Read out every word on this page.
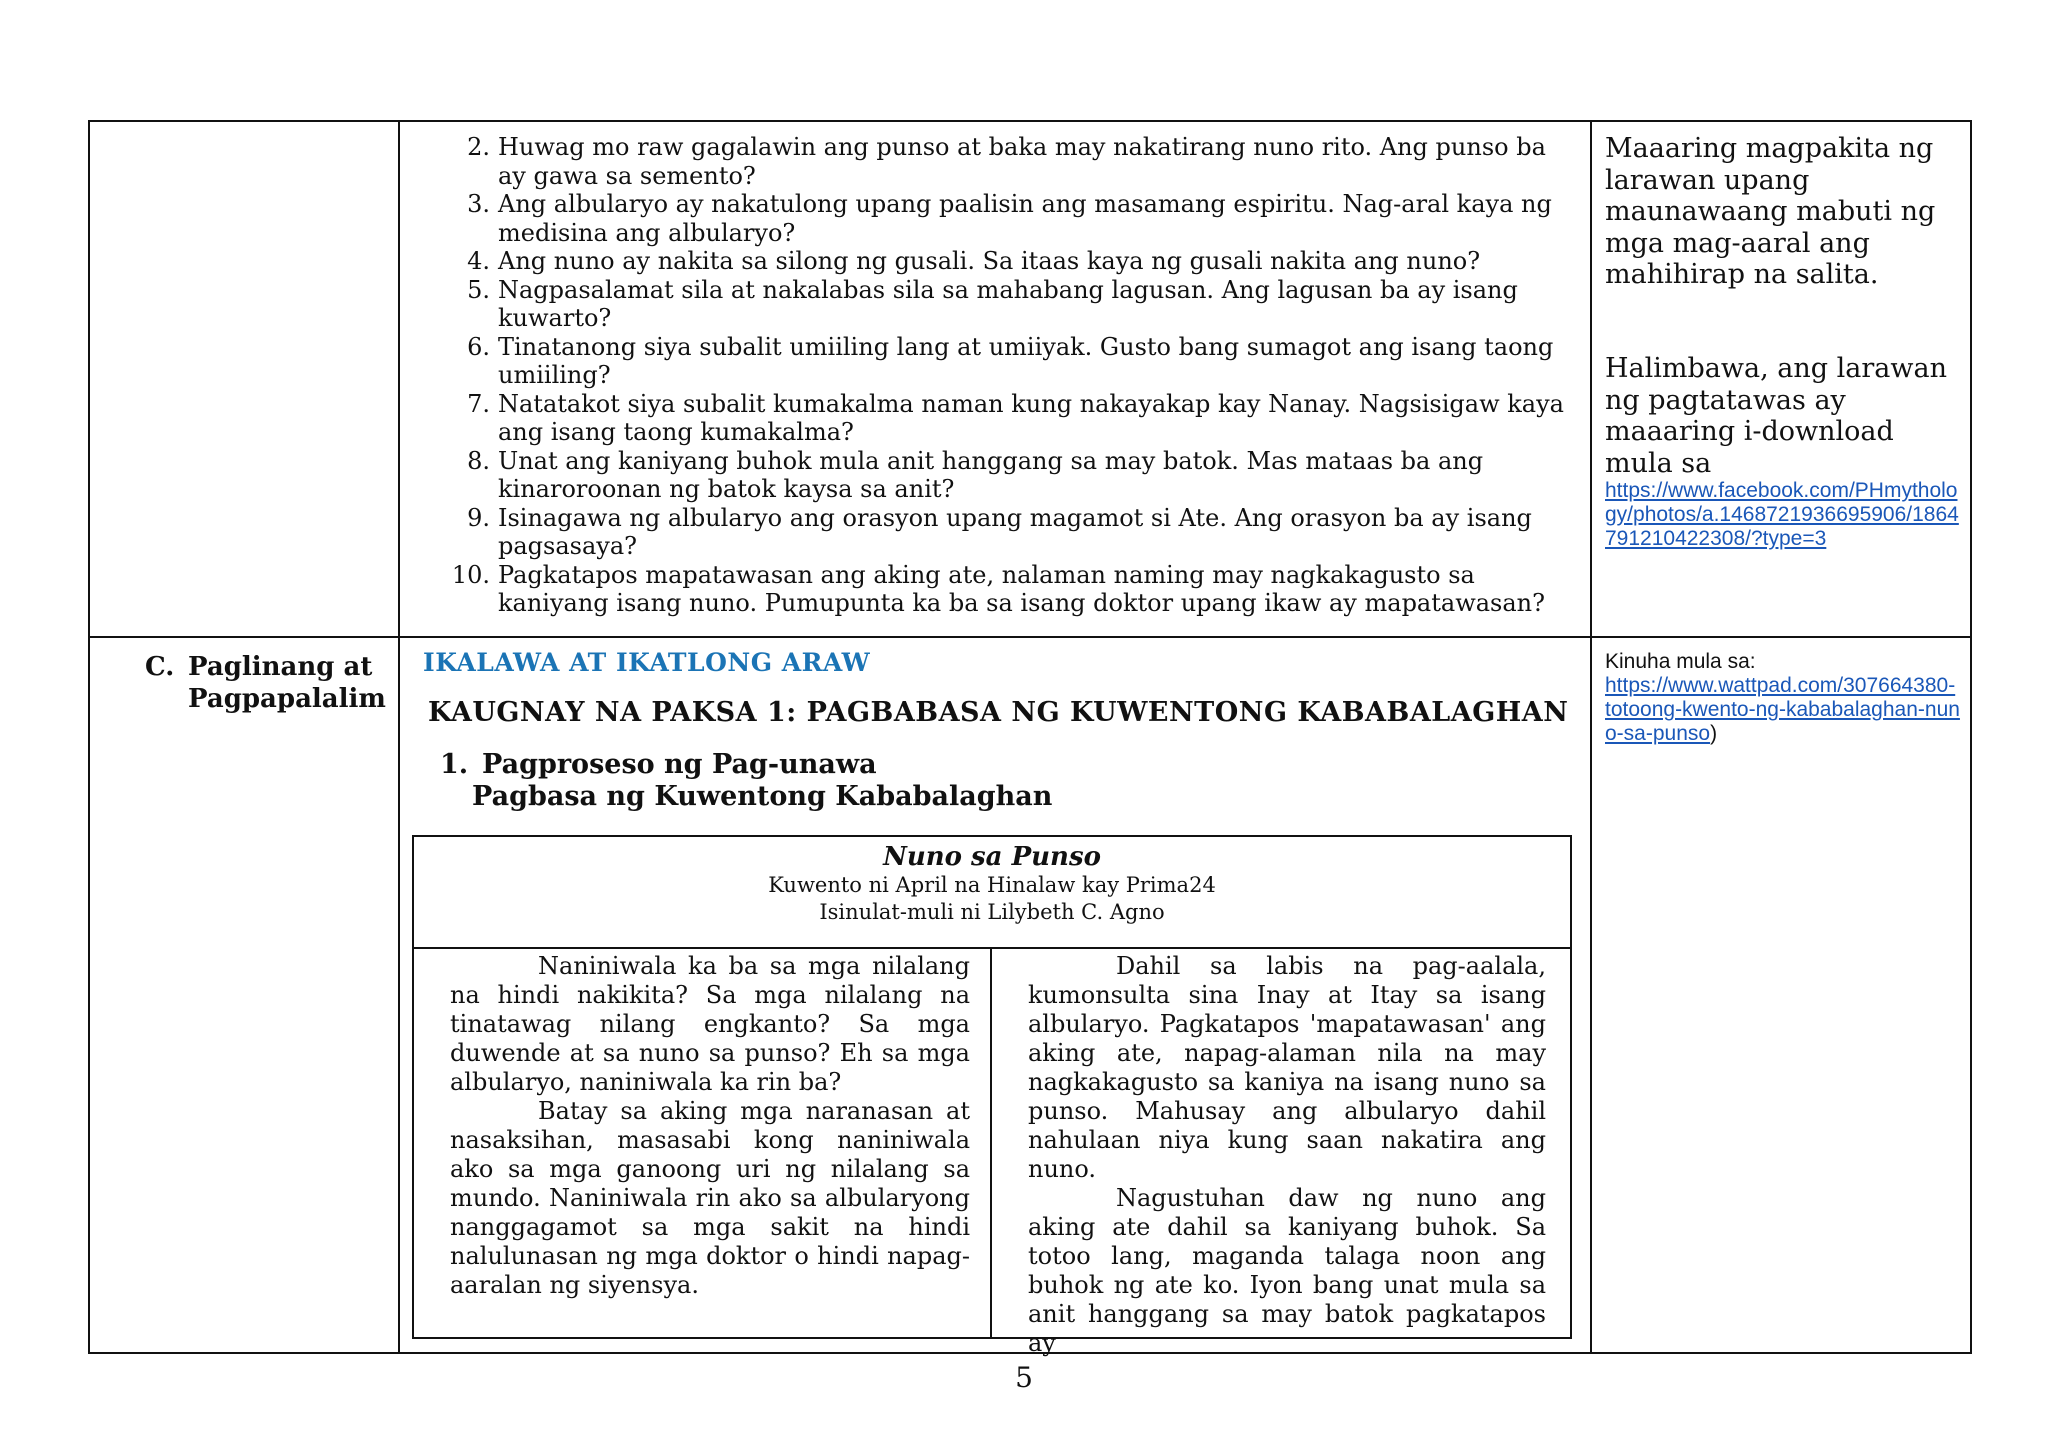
2. Huwag mo raw gagalawin ang punso at baka may nakatirang nuno rito. Ang punso ba ay gawa sa semento?
3. Ang albularyo ay nakatulong upang paalisin ang masamang espiritu. Nag-aral kaya ng medisina ang albularyo?
4. Ang nuno ay nakita sa silong ng gusali. Sa itaas kaya ng gusali nakita ang nuno?
5. Nagpasalamat sila at nakalabas sila sa mahabang lagusan. Ang lagusan ba ay isang kuwarto?
6. Tinatanong siya subalit umiiling lang at umiiyak. Gusto bang sumagot ang isang taong umiiling?
7. Natatakot siya subalit kumakalma naman kung nakayakap kay Nanay. Nagsisigaw kaya ang isang taong kumakalma?
8. Unat ang kaniyang buhok mula anit hanggang sa may batok. Mas mataas ba ang kinaroroonan ng batok kaysa sa anit?
9. Isinagawa ng albularyo ang orasyon upang magamot si Ate. Ang orasyon ba ay isang pagsasaya?
10. Pagkatapos mapatawasan ang aking ate, nalaman naming may nagkakagusto sa kaniyang isang nuno. Pumupunta ka ba sa isang doktor upang ikaw ay mapatawasan?
Maaaring magpakita ng larawan upang maunawaang mabuti ng mga mag-aaral ang mahihirap na salita.
Halimbawa, ang larawan ng pagtatawas ay maaaring i-download mula sa
https://www.facebook.com/PHmythology/photos/a.1468721936695906/1864791210422308/?type=3
C. Paglinang at Pagpapalalim
IKALAWA AT IKATLONG ARAW
KAUGNAY NA PAKSA 1: PAGBABASA NG KUWENTONG KABABALAGHAN
1. Pagproseso ng Pag-unawa
Pagbasa ng Kuwentong Kababalaghan
Kinuha mula sa:
https://www.wattpad.com/307664380-totoong-kwento-ng-kababalaghan-nuno-sa-punso)
Nuno sa Punso
Kuwento ni April na Hinalaw kay Prima24
Isinulat-muli ni Lilybeth C. Agno

Naniniwala ka ba sa mga nilalang na hindi nakikita? Sa mga nilalang na tinatawag nilang engkanto? Sa mga duwende at sa nuno sa punso? Eh sa mga albularyo, naniniwala ka rin ba?

Batay sa aking mga naranasan at nasaksihan, masasabi kong naniniwala ako sa mga ganoong uri ng nilalang sa mundo. Naniniwala rin ako sa albularyong nanggagamot sa mga sakit na hindi nalulunasan ng mga doktor o hindi napag-aaralan ng siyensya.

Dahil sa labis na pag-aalala, kumonsulta sina Inay at Itay sa isang albularyo. Pagkatapos 'mapatawasan' ang aking ate, napag-alaman nila na may nagkakagusto sa kaniya na isang nuno sa punso. Mahusay ang albularyo dahil nahulaan niya kung saan nakatira ang nuno.

Nagustuhan daw ng nuno ang aking ate dahil sa kaniyang buhok. Sa totoo lang, maganda talaga noon ang buhok ng ate ko. Iyon bang unat mula sa anit hanggang sa may batok pagkatapos ay

5
